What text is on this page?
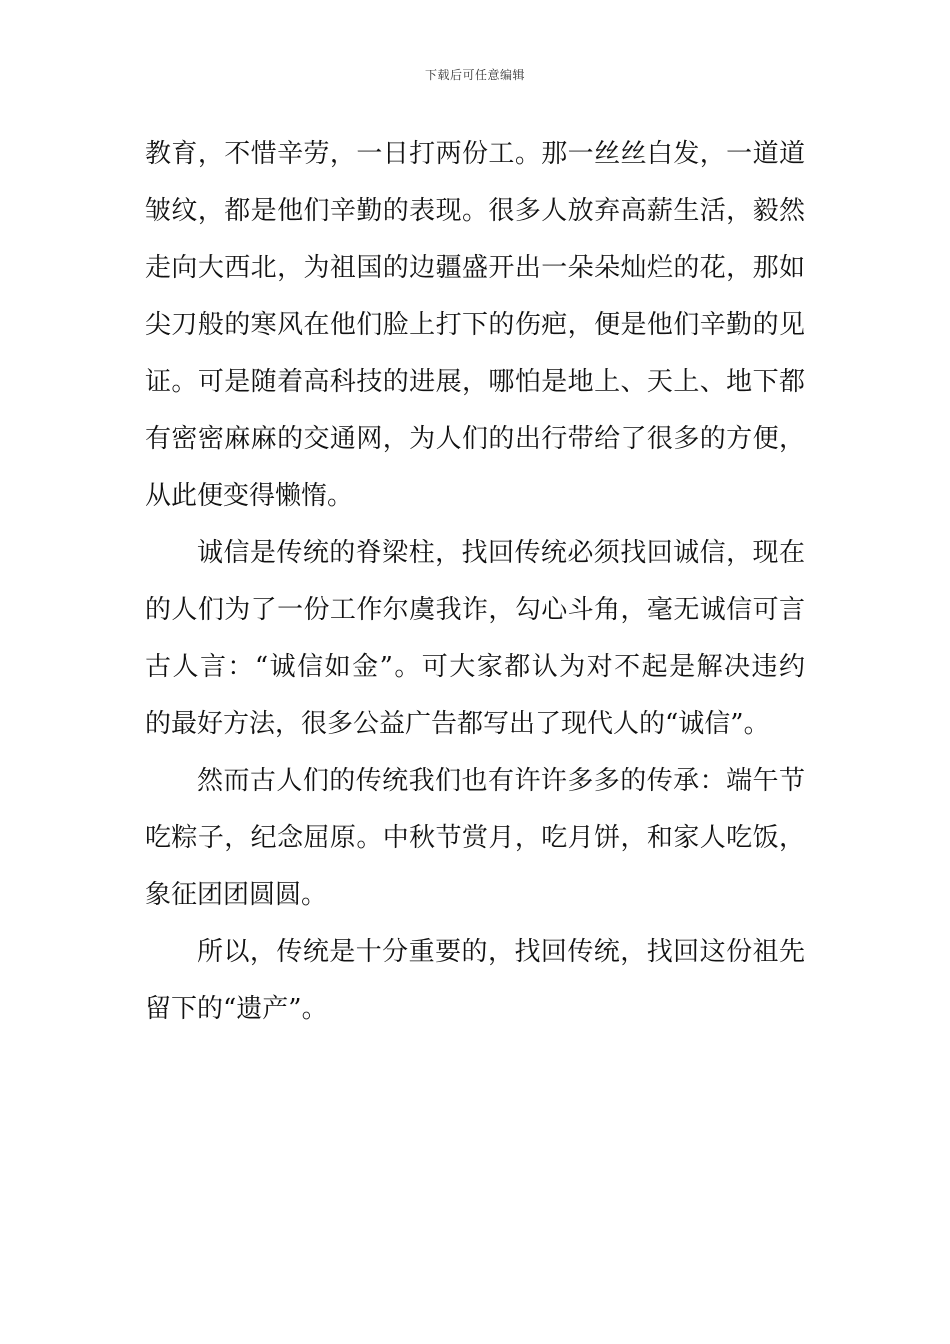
下载后可任意编辑
教育，不惜辛劳，一日打两份工。那一丝丝白发，一道道
皱纹，都是他们辛勤的表现。很多人放弃高薪生活，毅然
走向大西北，为祖国的边疆盛开出一朵朵灿烂的花，那如
尖刀般的寒风在他们脸上打下的伤疤，便是他们辛勤的见
证。可是随着高科技的进展，哪怕是地上、天上、地下都
有密密麻麻的交通网，为人们的出行带给了很多的方便，
从此便变得懒惰。
诚信是传统的脊梁柱，找回传统必须找回诚信，现在
的人们为了一份工作尔虞我诈，勾心斗角，毫无诚信可言
古人言：“诚信如金”。可大家都认为对不起是解决违约
的最好方法，很多公益广告都写出了现代人的“诚信”。
然而古人们的传统我们也有许许多多的传承：端午节
吃粽子，纪念屈原。中秋节赏月，吃月饼，和家人吃饭，
象征团团圆圆。
所以，传统是十分重要的，找回传统，找回这份祖先
留下的“遗产”。
